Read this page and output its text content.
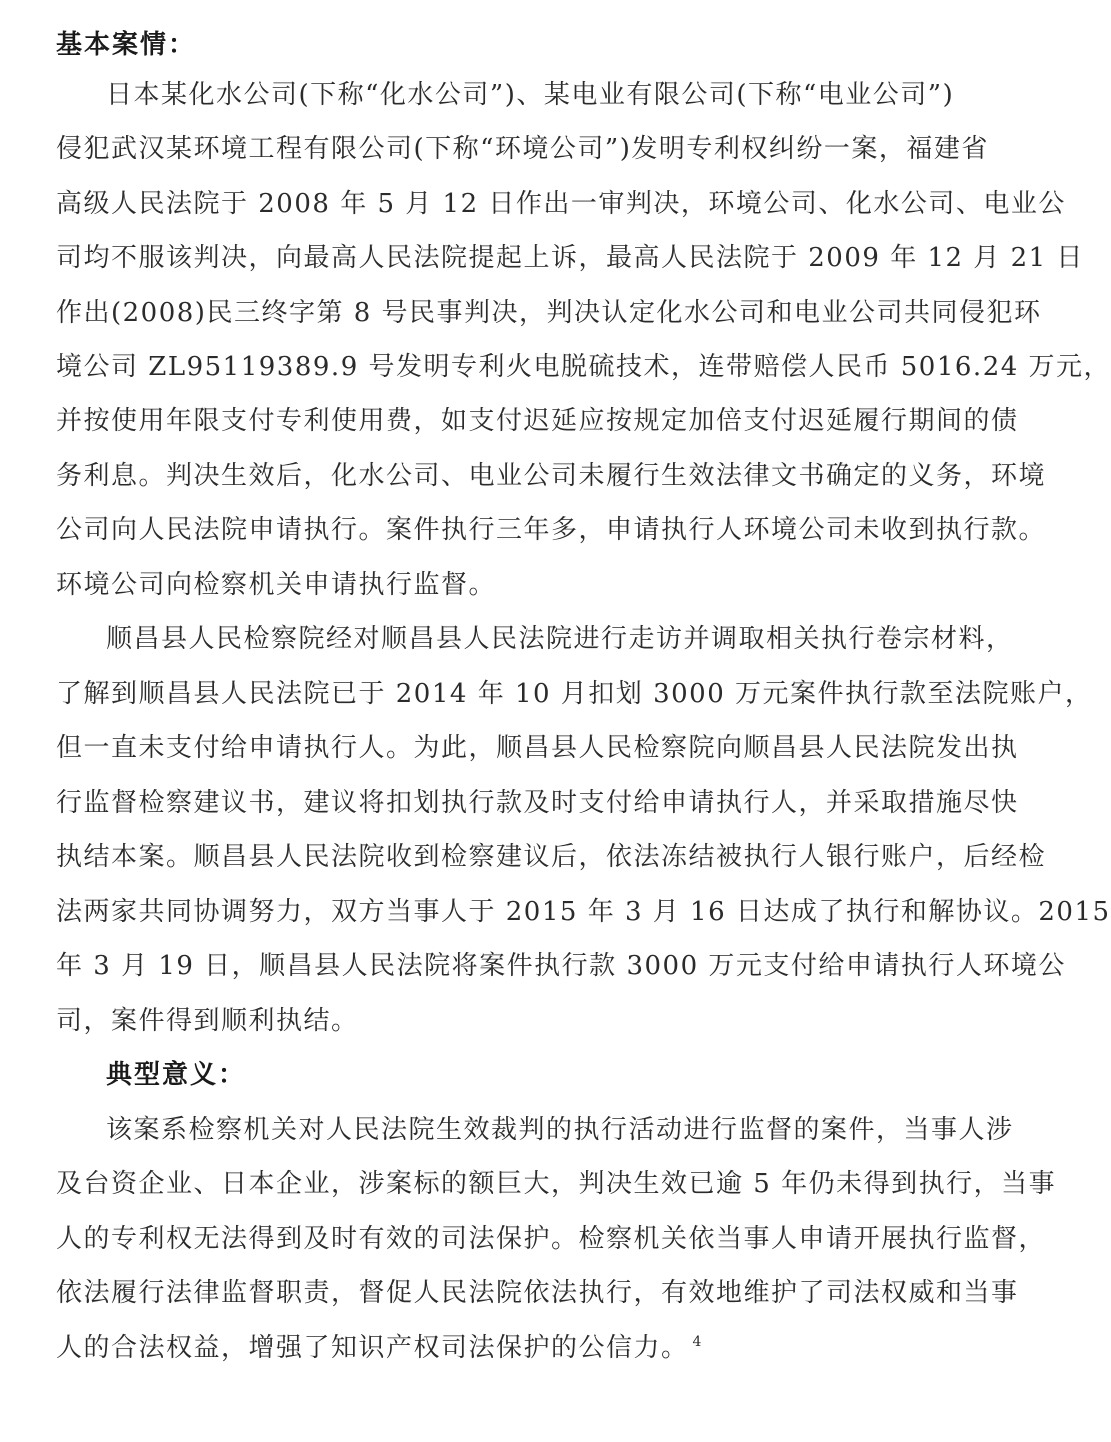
基本案情：
日本某化水公司(下称“化水公司”)、某电业有限公司(下称“电业公司”)
侵犯武汉某环境工程有限公司(下称“环境公司”)发明专利权纠纷一案，福建省
高级人民法院于 2008 年 5 月 12 日作出一审判决，环境公司、化水公司、电业公
司均不服该判决，向最高人民法院提起上诉，最高人民法院于 2009 年 12 月 21 日
作出(2008)民三终字第 8 号民事判决，判决认定化水公司和电业公司共同侵犯环
境公司 ZL95119389.9 号发明专利火电脱硫技术，连带赔偿人民币 5016.24 万元，
并按使用年限支付专利使用费，如支付迟延应按规定加倍支付迟延履行期间的债
务利息。判决生效后，化水公司、电业公司未履行生效法律文书确定的义务，环境
公司向人民法院申请执行。案件执行三年多，申请执行人环境公司未收到执行款。
环境公司向检察机关申请执行监督。
顺昌县人民检察院经对顺昌县人民法院进行走访并调取相关执行卷宗材料，
了解到顺昌县人民法院已于 2014 年 10 月扣划 3000 万元案件执行款至法院账户，
但一直未支付给申请执行人。为此，顺昌县人民检察院向顺昌县人民法院发出执
行监督检察建议书，建议将扣划执行款及时支付给申请执行人，并采取措施尽快
执结本案。顺昌县人民法院收到检察建议后，依法冻结被执行人银行账户，后经检
法两家共同协调努力，双方当事人于 2015 年 3 月 16 日达成了执行和解协议。2015
年 3 月 19 日，顺昌县人民法院将案件执行款 3000 万元支付给申请执行人环境公
司，案件得到顺利执结。
典型意义：
该案系检察机关对人民法院生效裁判的执行活动进行监督的案件，当事人涉
及台资企业、日本企业，涉案标的额巨大，判决生效已逾 5 年仍未得到执行，当事
人的专利权无法得到及时有效的司法保护。检察机关依当事人申请开展执行监督，
依法履行法律监督职责，督促人民法院依法执行，有效地维护了司法权威和当事
人的合法权益，增强了知识产权司法保护的公信力。 $^4$
